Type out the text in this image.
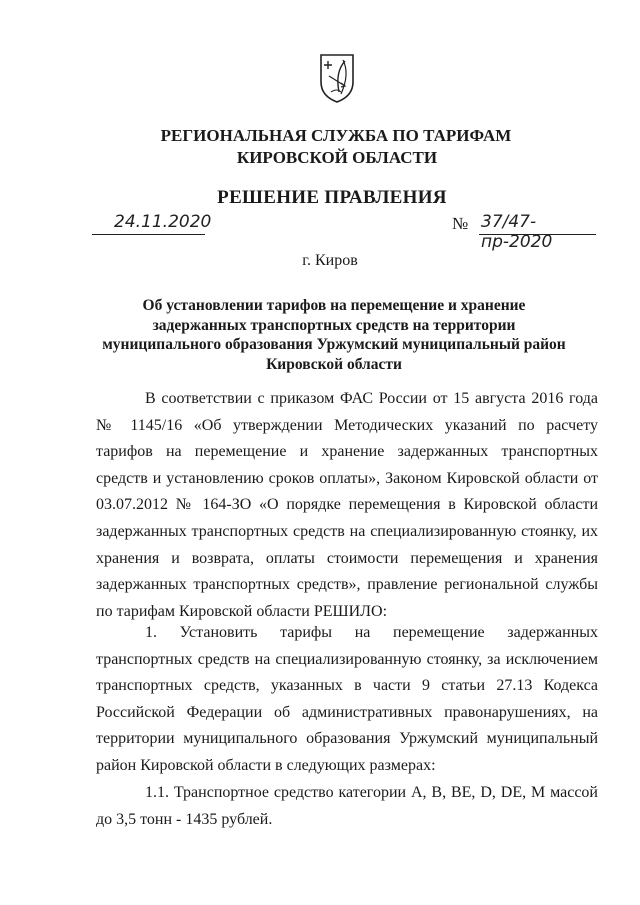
РЕГИОНАЛЬНАЯ СЛУЖБА ПО ТАРИФАМ
КИРОВСКОЙ ОБЛАСТИ
РЕШЕНИЕ ПРАВЛЕНИЯ
24.11.2020	№ 37/47-пр-2020
г. Киров
Об установлении тарифов на перемещение и хранение
задержанных транспортных средств на территории
муниципального образования Уржумский муниципальный район
Кировской области

В соответствии с приказом ФАС России от 15 августа 2016 года № 1145/16 «Об утверждении Методических указаний по расчету тарифов на перемещение и хранение задержанных транспортных средств и установлению сроков оплаты», Законом Кировской области от 03.07.2012 № 164-ЗО «О порядке перемещения в Кировской области задержанных транспортных средств на специализированную стоянку, их хранения и возврата, оплаты стоимости перемещения и хранения задержанных транспортных средств», правление региональной службы по тарифам Кировской области РЕШИЛО:

1. Установить тарифы на перемещение задержанных транспортных средств на специализированную стоянку, за исключением транспортных средств, указанных в части 9 статьи 27.13 Кодекса Российской Федерации об административных правонарушениях, на территории муниципального образования Уржумский муниципальный район Кировской области в следующих размерах:

1.1. Транспортное средство категории A, B, BE, D, DE, M массой до 3,5 тонн - 1435 рублей.
